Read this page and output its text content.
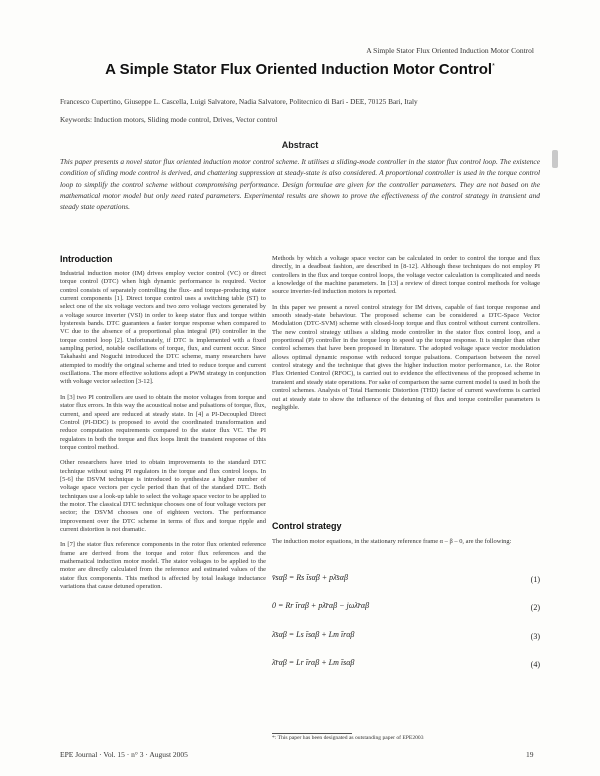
A Simple Stator Flux Oriented Induction Motor Control
A Simple Stator Flux Oriented Induction Motor Control*
Francesco Cupertino, Giuseppe L. Cascella, Luigi Salvatore, Nadia Salvatore, Politecnico di Bari - DEE, 70125 Bari, Italy
Keywords: Induction motors, Sliding mode control, Drives, Vector control
Abstract
This paper presents a novel stator flux oriented induction motor control scheme. It utilises a sliding-mode controller in the stator flux control loop. The existence condition of sliding mode control is derived, and chattering suppression at steady-state is also considered. A proportional controller is used in the torque control loop to simplify the control scheme without compromising performance. Design formulae are given for the controller parameters. They are not based on the mathematical motor model but only need rated parameters. Experimental results are shown to prove the effectiveness of the control strategy in transient and steady state operations.
Introduction

Industrial induction motor (IM) drives employ vector control (VC) or direct torque control (DTC) when high dynamic performance is required. Vector control consists of separately controlling the flux- and torque-producing stator current components [1]. Direct torque control uses a switching table (ST) to select one of the six voltage vectors and two zero voltage vectors generated by a voltage source inverter (VSI) in order to keep stator flux and torque within hysteresis bands. DTC guarantees a faster torque response when compared to VC due to the absence of a proportional plus integral (PI) controller in the torque control loop [2]. Unfortunately, if DTC is implemented with a fixed sampling period, notable oscillations of torque, flux, and current occur. Since Takahashi and Noguchi introduced the DTC scheme, many researchers have attempted to modify the original scheme and tried to reduce torque and current oscillations. The more effective solutions adopt a PWM strategy in conjunction with voltage vector selection [3-12].

In [3] two PI controllers are used to obtain the motor voltages from torque and stator flux errors. In this way the acoustical noise and pulsations of torque, flux, current, and speed are reduced at steady state. In [4] a PI-Decoupled Direct Control (PI-DDC) is proposed to avoid the coordinated transformation and reduce computation requirements compared to the stator flux VC. The PI regulators in both the torque and flux loops limit the transient response of this torque control method.

Other researchers have tried to obtain improvements to the standard DTC technique without using PI regulators in the torque and flux control loops. In [5-6] the DSVM technique is introduced to synthesize a higher number of voltage space vectors per cycle period than that of the standard DTC. Both techniques use a look-up table to select the voltage space vector to be applied to the motor. The classical DTC technique chooses one of four voltage vectors per sector; the DSVM chooses one of eighteen vectors. The performance improvement over the DTC scheme in terms of flux and torque ripple and current distortion is not dramatic.

In [7] the stator flux reference components in the rotor flux oriented reference frame are derived from the torque and rotor flux references and the mathematical induction motor model. The stator voltages to be applied to the motor are directly calculated from the reference and estimated values of the stator flux components. This method is affected by total leakage inductance variations that cause detuned operation.

Methods by which a voltage space vector can be calculated in order to control the torque and flux directly, in a deadbeat fashion, are described in [8-12]. Although these techniques do not employ PI controllers in the flux and torque control loops, the voltage vector calculation is complicated and needs a knowledge of the machine parameters. In [13] a review of direct torque control methods for voltage source inverter-fed induction motors is reported.

In this paper we present a novel control strategy for IM drives, capable of fast torque response and smooth steady-state behaviour. The proposed scheme can be considered a DTC-Space Vector Modulation (DTC-SVM) scheme with closed-loop torque and flux control without current controllers. The new control strategy utilises a sliding mode controller in the stator flux control loop, and a proportional (P) controller in the torque loop to speed up the torque response. It is simpler than other control schemes that have been proposed in literature. The adopted voltage space vector modulation allows optimal dynamic response with reduced torque pulsations. Comparison between the novel control strategy and the technique that gives the higher induction motor performance, i.e. the Rotor Flux Oriented Control (RFOC), is carried out to evidence the effectiveness of the proposed scheme in transient and steady state operations. For sake of comparison the same current model is used in both the control schemes. Analysis of Total Harmonic Distortion (THD) factor of current waveforms is carried out at steady state to show the influence of the detuning of flux and torque controller parameters is negligible.

Control strategy
The induction motor equations, in the stationary reference frame α – β – 0, are the following:
v̄sαβ = Rs īsαβ + pλ̄sαβ	(1)
0 = Rr īrαβ + pλ̄rαβ − jωλ̄rαβ	(2)
λ̄sαβ = Ls īsαβ + Lm īrαβ	(3)
λ̄rαβ = Lr īrαβ + Lm īsαβ	(4)
*: This paper has been designated as outstanding paper of EPE2003
EPE Journal · Vol. 15 · n° 3 · August 2005	19
